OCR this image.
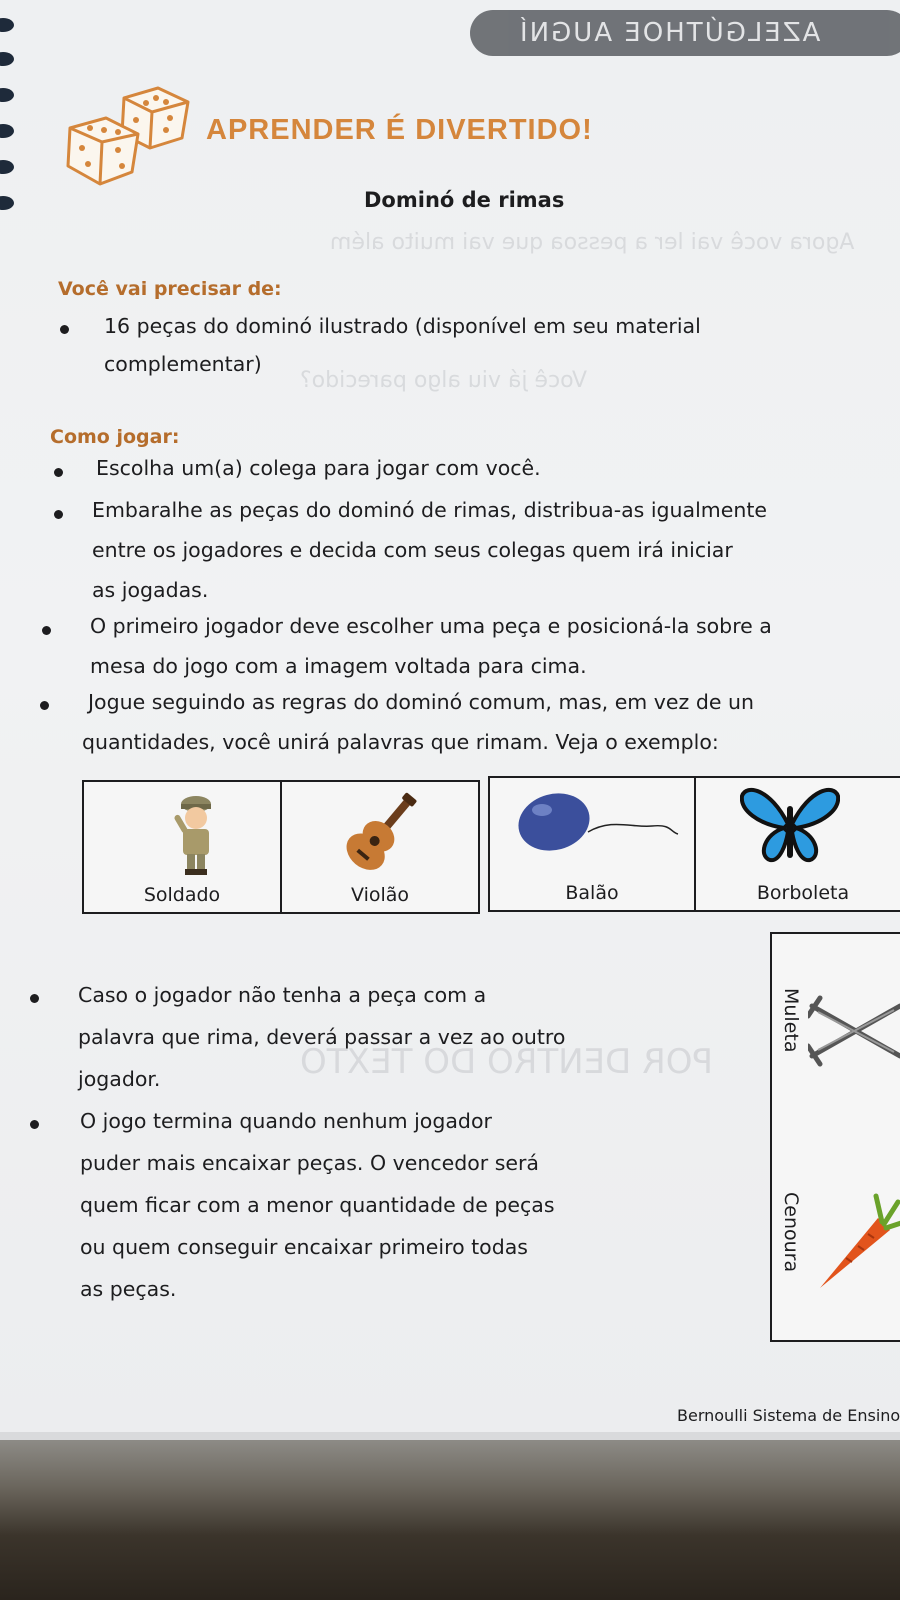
AZELGÚTHOE AUGNÍ
Agora você vai ler a pessoa que vai muito além
Você já viu algo parecido?
POR DENTRO DO TEXTO
APRENDER É DIVERTIDO!
Dominó de rimas
Você vai precisar de:
16 peças do dominó ilustrado (disponível em seu material
complementar)
Como jogar:
Escolha um(a) colega para jogar com você.
Embaralhe as peças do dominó de rimas, distribua-as igualmente
entre os jogadores e decida com seus colegas quem irá iniciar
as jogadas.
O primeiro jogador deve escolher uma peça e posicioná-la sobre a
mesa do jogo com a imagem voltada para cima.
Jogue seguindo as regras do dominó comum, mas, em vez de un
quantidades, você unirá palavras que rimam. Veja o exemplo:
Soldado	Violão	Balão	Borboleta
Caso o jogador não tenha a peça com a
palavra que rima, deverá passar a vez ao outro
jogador.
O jogo termina quando nenhum jogador
puder mais encaixar peças. O vencedor será
quem ficar com a menor quantidade de peças
ou quem conseguir encaixar primeiro todas
as peças.
Muleta
Cenoura
Bernoulli Sistema de Ensino
